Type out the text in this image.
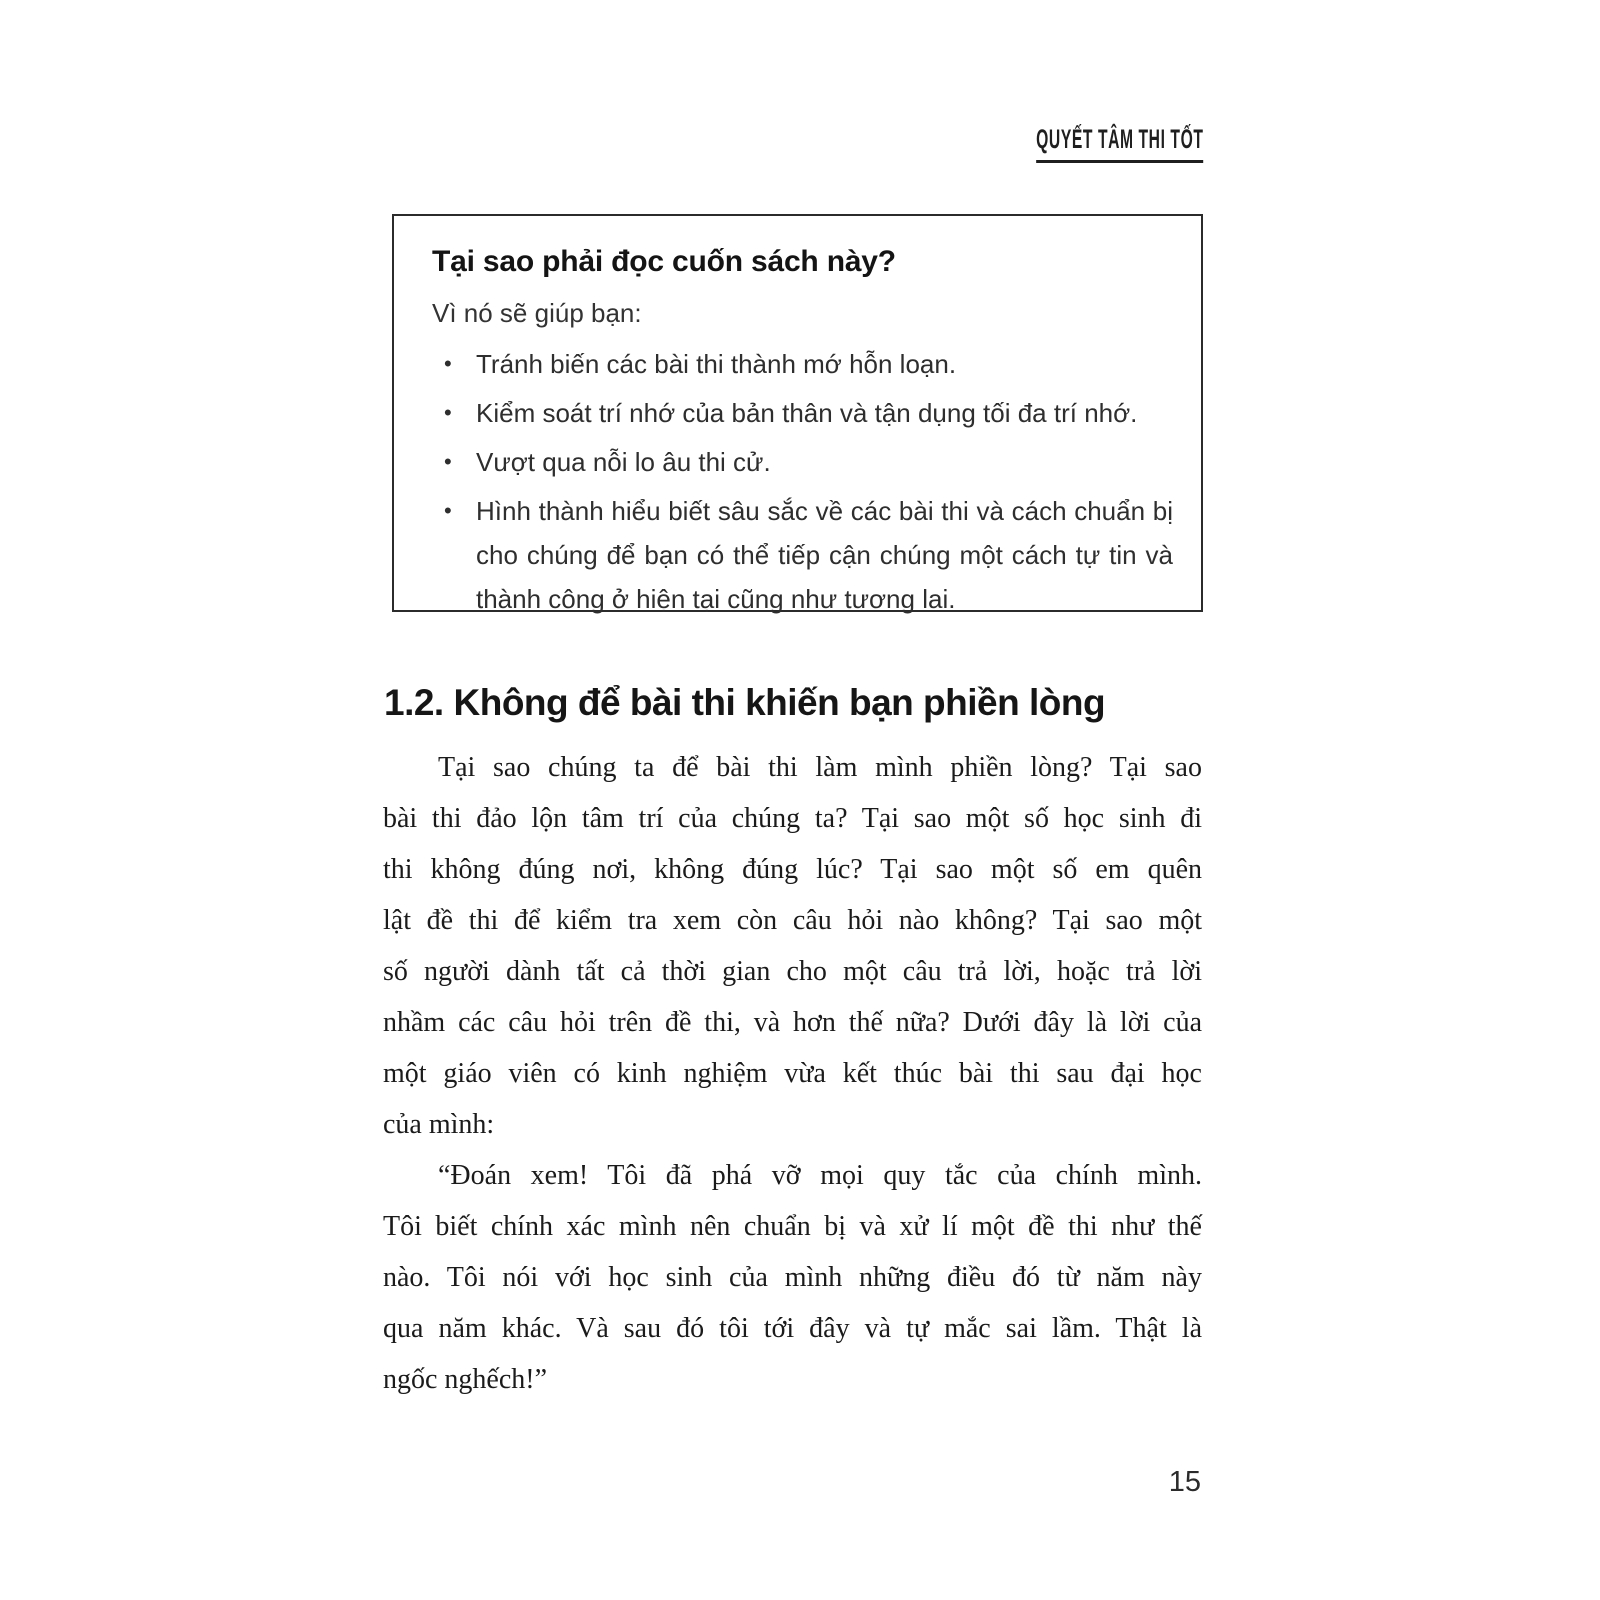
QUYẾT TÂM THI TỐT
Tại sao phải đọc cuốn sách này?
Vì nó sẽ giúp bạn:
• Tránh biến các bài thi thành mớ hỗn loạn.
• Kiểm soát trí nhớ của bản thân và tận dụng tối đa trí nhớ.
• Vượt qua nỗi lo âu thi cử.
• Hình thành hiểu biết sâu sắc về các bài thi và cách chuẩn bị cho chúng để bạn có thể tiếp cận chúng một cách tự tin và thành công ở hiện tại cũng như tương lai.
1.2. Không để bài thi khiến bạn phiền lòng
Tại sao chúng ta để bài thi làm mình phiền lòng? Tại sao
bài thi đảo lộn tâm trí của chúng ta? Tại sao một số học sinh đi
thi không đúng nơi, không đúng lúc? Tại sao một số em quên
lật đề thi để kiểm tra xem còn câu hỏi nào không? Tại sao một
số người dành tất cả thời gian cho một câu trả lời, hoặc trả lời
nhầm các câu hỏi trên đề thi, và hơn thế nữa? Dưới đây là lời của
một giáo viên có kinh nghiệm vừa kết thúc bài thi sau đại học
của mình:
“Đoán xem! Tôi đã phá vỡ mọi quy tắc của chính mình.
Tôi biết chính xác mình nên chuẩn bị và xử lí một đề thi như thế
nào. Tôi nói với học sinh của mình những điều đó từ năm này
qua năm khác. Và sau đó tôi tới đây và tự mắc sai lầm. Thật là
ngốc nghếch!”
15
